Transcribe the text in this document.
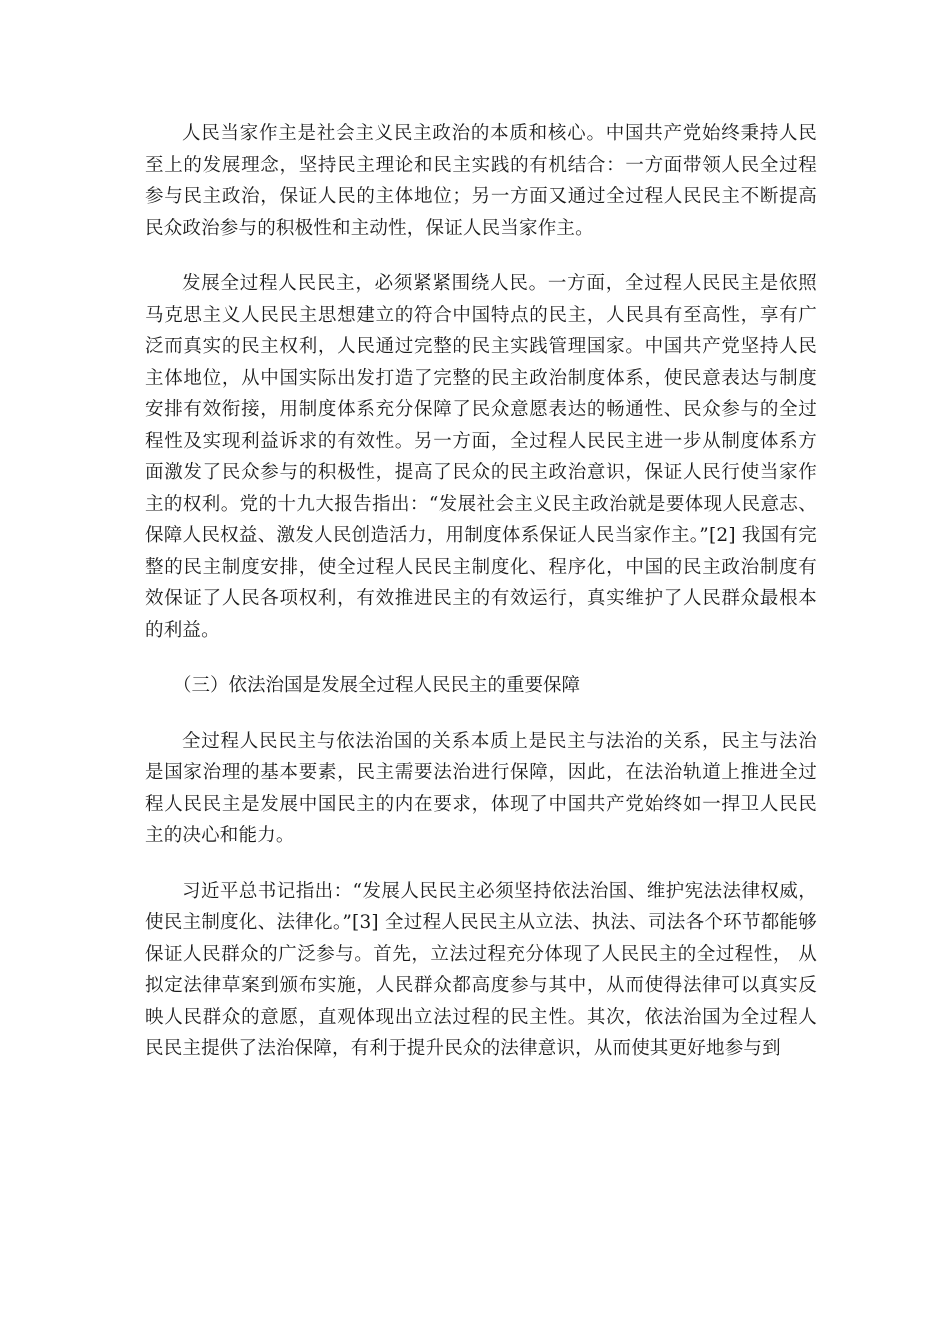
人民当家作主是社会主义民主政治的本质和核心。中国共产党始终秉持人民至上的发展理念，坚持民主理论和民主实践的有机结合：一方面带领人民全过程参与民主政治，保证人民的主体地位；另一方面又通过全过程人民民主不断提高民众政治参与的积极性和主动性，保证人民当家作主。

发展全过程人民民主，必须紧紧围绕人民。一方面，全过程人民民主是依照马克思主义人民民主思想建立的符合中国特点的民主，人民具有至高性，享有广泛而真实的民主权利，人民通过完整的民主实践管理国家。中国共产党坚持人民主体地位，从中国实际出发打造了完整的民主政治制度体系，使民意表达与制度安排有效衔接，用制度体系充分保障了民众意愿表达的畅通性、民众参与的全过程性及实现利益诉求的有效性。另一方面，全过程人民民主进一步从制度体系方面激发了民众参与的积极性，提高了民众的民主政治意识，保证人民行使当家作主的权利。党的十九大报告指出：“发展社会主义民主政治就是要体现人民意志、保障人民权益、激发人民创造活力，用制度体系保证人民当家作主。”[2] 我国有完整的民主制度安排，使全过程人民民主制度化、程序化，中国的民主政治制度有效保证了人民各项权利，有效推进民主的有效运行，真实维护了人民群众最根本的利益。

（三）依法治国是发展全过程人民民主的重要保障

全过程人民民主与依法治国的关系本质上是民主与法治的关系，民主与法治是国家治理的基本要素，民主需要法治进行保障，因此，在法治轨道上推进全过程人民民主是发展中国民主的内在要求，体现了中国共产党始终如一捍卫人民民主的决心和能力。

习近平总书记指出：“发展人民民主必须坚持依法治国、维护宪法法律权威，使民主制度化、法律化。”[3] 全过程人民民主从立法、执法、司法各个环节都能够保证人民群众的广泛参与。首先，立法过程充分体现了人民民主的全过程性， 从拟定法律草案到颁布实施，人民群众都高度参与其中，从而使得法律可以真实反映人民群众的意愿，直观体现出立法过程的民主性。其次，依法治国为全过程人民民主提供了法治保障，有利于提升民众的法律意识，从而使其更好地参与到
